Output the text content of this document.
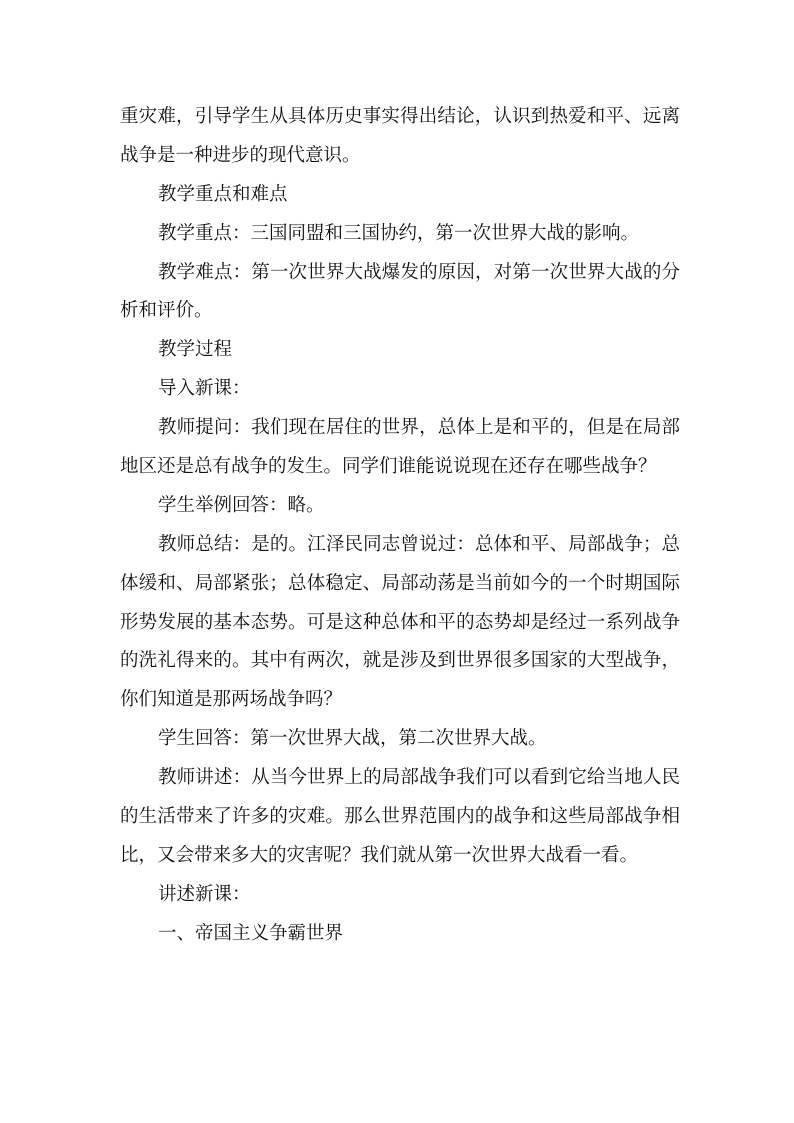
重灾难，引导学生从具体历史事实得出结论，认识到热爱和平、远离
战争是一种进步的现代意识。
教学重点和难点
教学重点：三国同盟和三国协约，第一次世界大战的影响。
教学难点：第一次世界大战爆发的原因，对第一次世界大战的分
析和评价。
教学过程
导入新课：
教师提问：我们现在居住的世界，总体上是和平的，但是在局部
地区还是总有战争的发生。同学们谁能说说现在还存在哪些战争？
学生举例回答：略。
教师总结：是的。江泽民同志曾说过：总体和平、局部战争；总
体缓和、局部紧张；总体稳定、局部动荡是当前如今的一个时期国际
形势发展的基本态势。可是这种总体和平的态势却是经过一系列战争
的洗礼得来的。其中有两次，就是涉及到世界很多国家的大型战争，
你们知道是那两场战争吗？
学生回答：第一次世界大战，第二次世界大战。
教师讲述：从当今世界上的局部战争我们可以看到它给当地人民
的生活带来了许多的灾难。那么世界范围内的战争和这些局部战争相
比，又会带来多大的灾害呢？我们就从第一次世界大战看一看。
讲述新课：
一、帝国主义争霸世界
